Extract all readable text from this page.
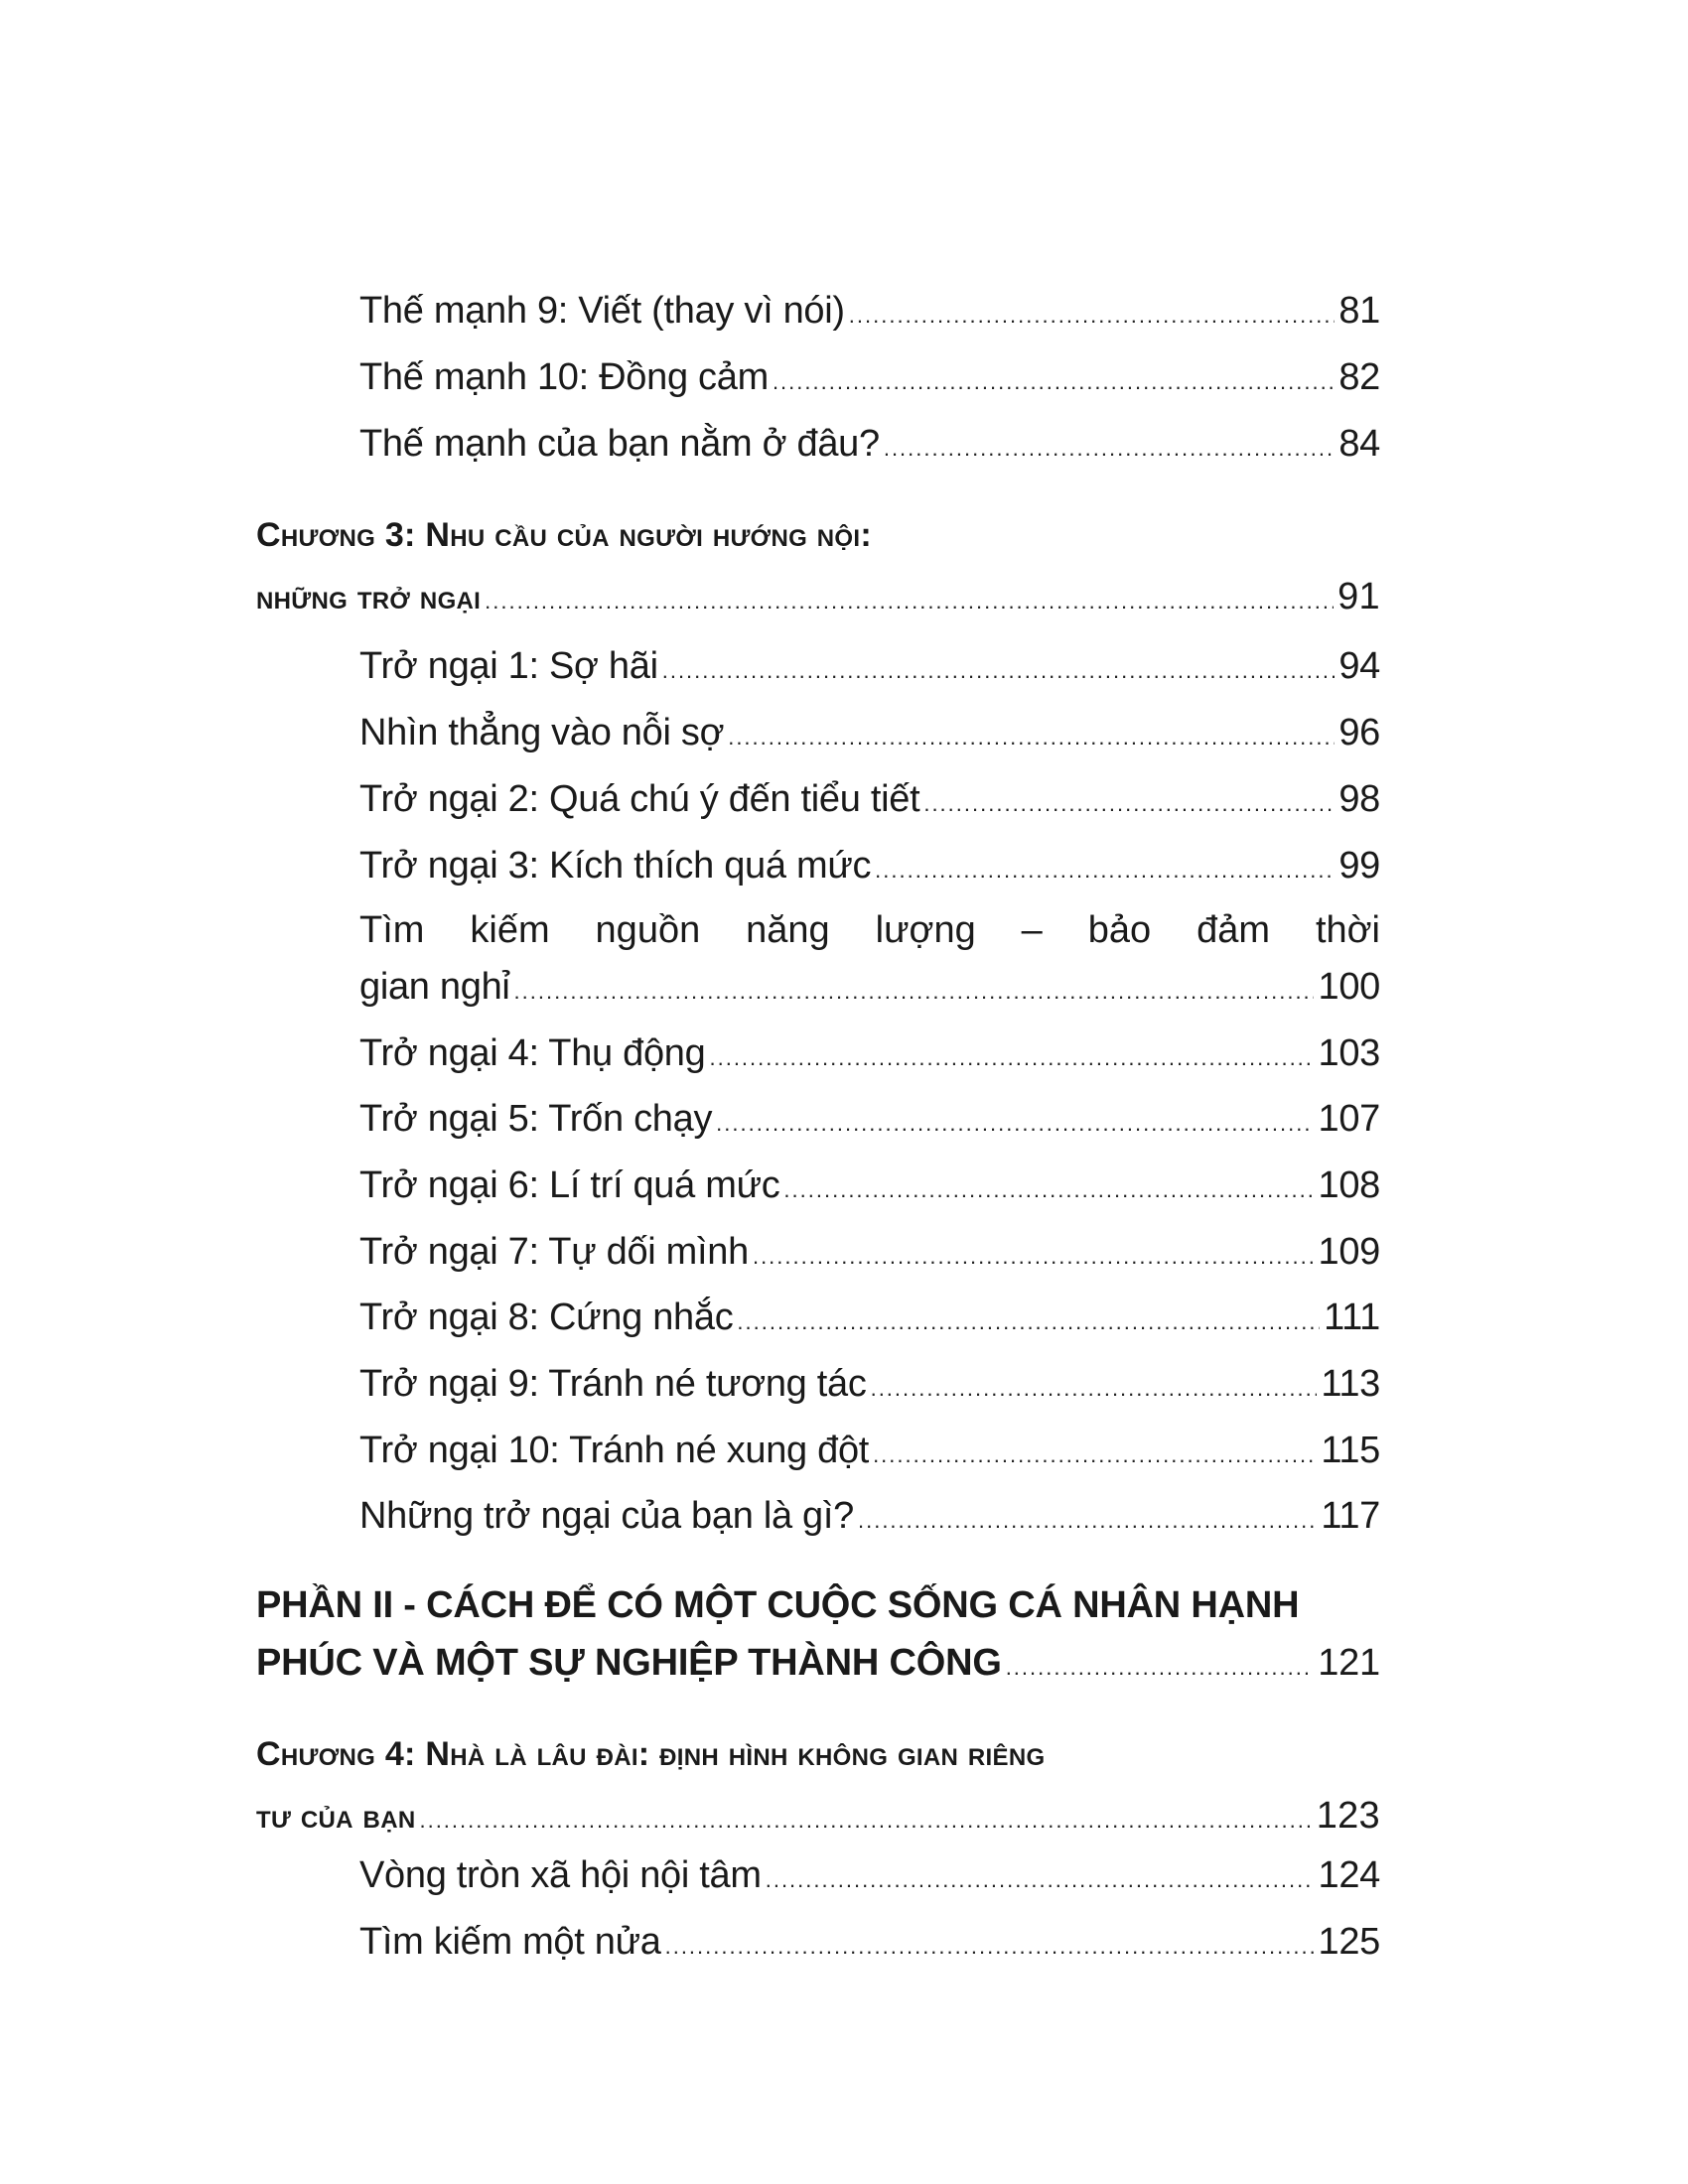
Thế mạnh 9: Viết (thay vì nói) .....	81
Thế mạnh 10: Đồng cảm .....	82
Thế mạnh của bạn nằm ở đâu? .....	84
Chương 3: Nhu cầu của người hướng nội:
những trở ngại .....	91
Trở ngại 1: Sợ hãi .....	94
Nhìn thẳng vào nỗi sợ .....	96
Trở ngại 2: Quá chú ý đến tiểu tiết .....	98
Trở ngại 3: Kích thích quá mức .....	99
Tìm kiếm nguồn năng lượng – bảo đảm thời
gian nghỉ .....	100
Trở ngại 4: Thụ động .....	103
Trở ngại 5: Trốn chạy .....	107
Trở ngại 6: Lí trí quá mức .....	108
Trở ngại 7: Tự dối mình .....	109
Trở ngại 8: Cứng nhắc .....	111
Trở ngại 9: Tránh né tương tác .....	113
Trở ngại 10: Tránh né xung đột .....	115
Những trở ngại của bạn là gì? .....	117
PHẦN II - CÁCH ĐỂ CÓ MỘT CUỘC SỐNG CÁ NHÂN HẠNH
PHÚC VÀ MỘT SỰ NGHIỆP THÀNH CÔNG .....	121
Chương 4: Nhà là lâu đài: định hình không gian riêng
tư của bạn .....	123
Vòng tròn xã hội nội tâm .....	124
Tìm kiếm một nửa .....	125
